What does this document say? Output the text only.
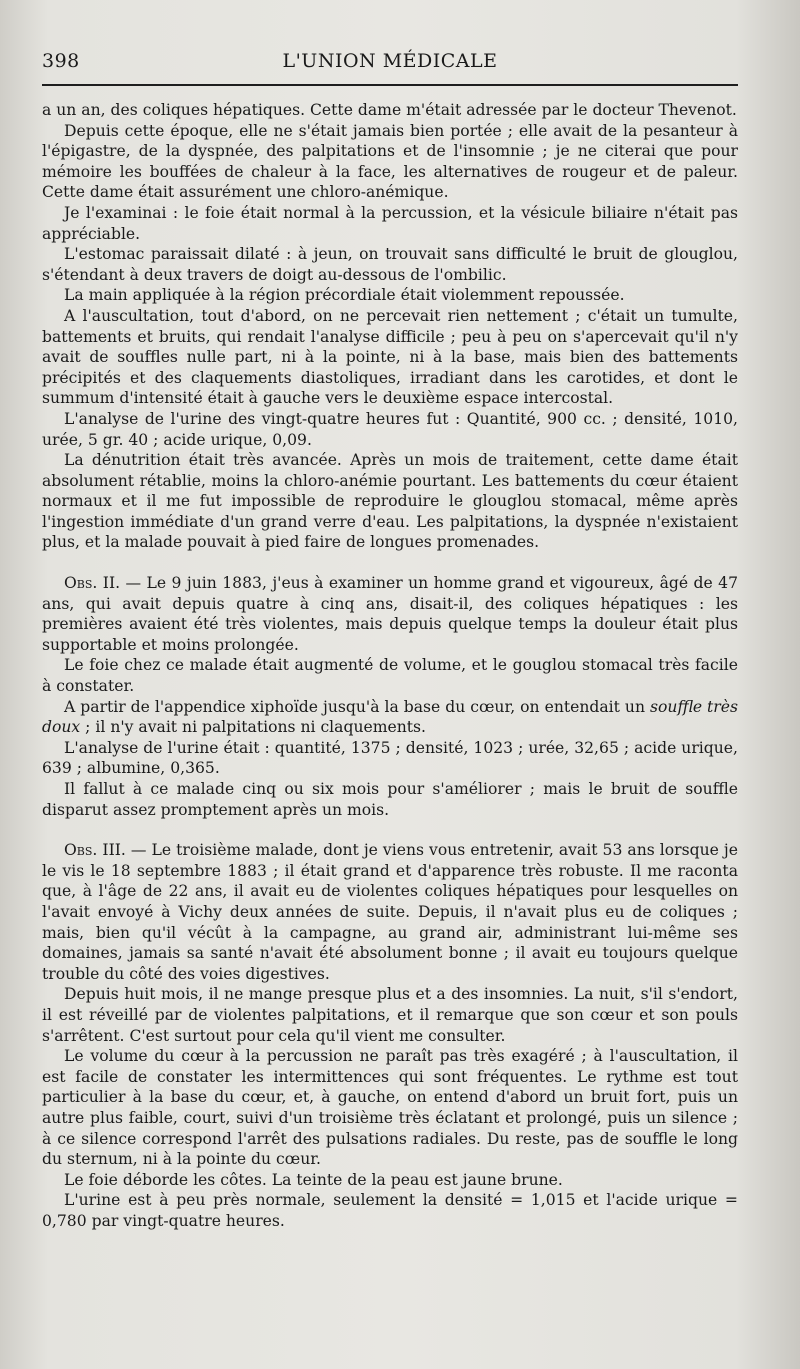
398	L'UNION MÉDICALE

a un an, des coliques hépatiques. Cette dame m'était adressée par le docteur Thevenot.

Depuis cette époque, elle ne s'était jamais bien portée ; elle avait de la pesanteur à l'épigastre, de la dyspnée, des palpitations et de l'insomnie ; je ne citerai que pour mémoire les bouffées de chaleur à la face, les alternatives de rougeur et de paleur. Cette dame était assurément une chloro-anémique.

Je l'examinai : le foie était normal à la percussion, et la vésicule biliaire n'était pas appréciable.

L'estomac paraissait dilaté : à jeun, on trouvait sans difficulté le bruit de glouglou, s'étendant à deux travers de doigt au-dessous de l'ombilic.

La main appliquée à la région précordiale était violemment repoussée.

A l'auscultation, tout d'abord, on ne percevait rien nettement ; c'était un tumulte, battements et bruits, qui rendait l'analyse difficile ; peu à peu on s'apercevait qu'il n'y avait de souffles nulle part, ni à la pointe, ni à la base, mais bien des battements précipités et des claquements diastoliques, irradiant dans les carotides, et dont le summum d'intensité était à gauche vers le deuxième espace intercostal.

L'analyse de l'urine des vingt-quatre heures fut : Quantité, 900 cc. ; densité, 1010, urée, 5 gr. 40 ; acide urique, 0,09.

La dénutrition était très avancée. Après un mois de traitement, cette dame était absolument rétablie, moins la chloro-anémie pourtant. Les battements du cœur étaient normaux et il me fut impossible de reproduire le glouglou stomacal, même après l'ingestion immédiate d'un grand verre d'eau. Les palpitations, la dyspnée n'existaient plus, et la malade pouvait à pied faire de longues promenades.

Obs. II. — Le 9 juin 1883, j'eus à examiner un homme grand et vigoureux, âgé de 47 ans, qui avait depuis quatre à cinq ans, disait-il, des coliques hépatiques : les premières avaient été très violentes, mais depuis quelque temps la douleur était plus supportable et moins prolongée.

Le foie chez ce malade était augmenté de volume, et le gouglou stomacal très facile à constater.

A partir de l'appendice xiphoïde jusqu'à la base du cœur, on entendait un souffle très doux ; il n'y avait ni palpitations ni claquements.

L'analyse de l'urine était : quantité, 1375 ; densité, 1023 ; urée, 32,65 ; acide urique, 639 ; albumine, 0,365.

Il fallut à ce malade cinq ou six mois pour s'améliorer ; mais le bruit de souffle disparut assez promptement après un mois.

Obs. III. — Le troisième malade, dont je viens vous entretenir, avait 53 ans lorsque je le vis le 18 septembre 1883 ; il était grand et d'apparence très robuste. Il me raconta que, à l'âge de 22 ans, il avait eu de violentes coliques hépatiques pour lesquelles on l'avait envoyé à Vichy deux années de suite. Depuis, il n'avait plus eu de coliques ; mais, bien qu'il vécût à la campagne, au grand air, administrant lui-même ses domaines, jamais sa santé n'avait été absolument bonne ; il avait eu toujours quelque trouble du côté des voies digestives.

Depuis huit mois, il ne mange presque plus et a des insomnies. La nuit, s'il s'endort, il est réveillé par de violentes palpitations, et il remarque que son cœur et son pouls s'arrêtent. C'est surtout pour cela qu'il vient me consulter.

Le volume du cœur à la percussion ne paraît pas très exagéré ; à l'auscultation, il est facile de constater les intermittences qui sont fréquentes. Le rythme est tout particulier à la base du cœur, et, à gauche, on entend d'abord un bruit fort, puis un autre plus faible, court, suivi d'un troisième très éclatant et prolongé, puis un silence ; à ce silence correspond l'arrêt des pulsations radiales. Du reste, pas de souffle le long du sternum, ni à la pointe du cœur.

Le foie déborde les côtes. La teinte de la peau est jaune brune.

L'urine est à peu près normale, seulement la densité = 1,015 et l'acide urique = 0,780 par vingt-quatre heures.
